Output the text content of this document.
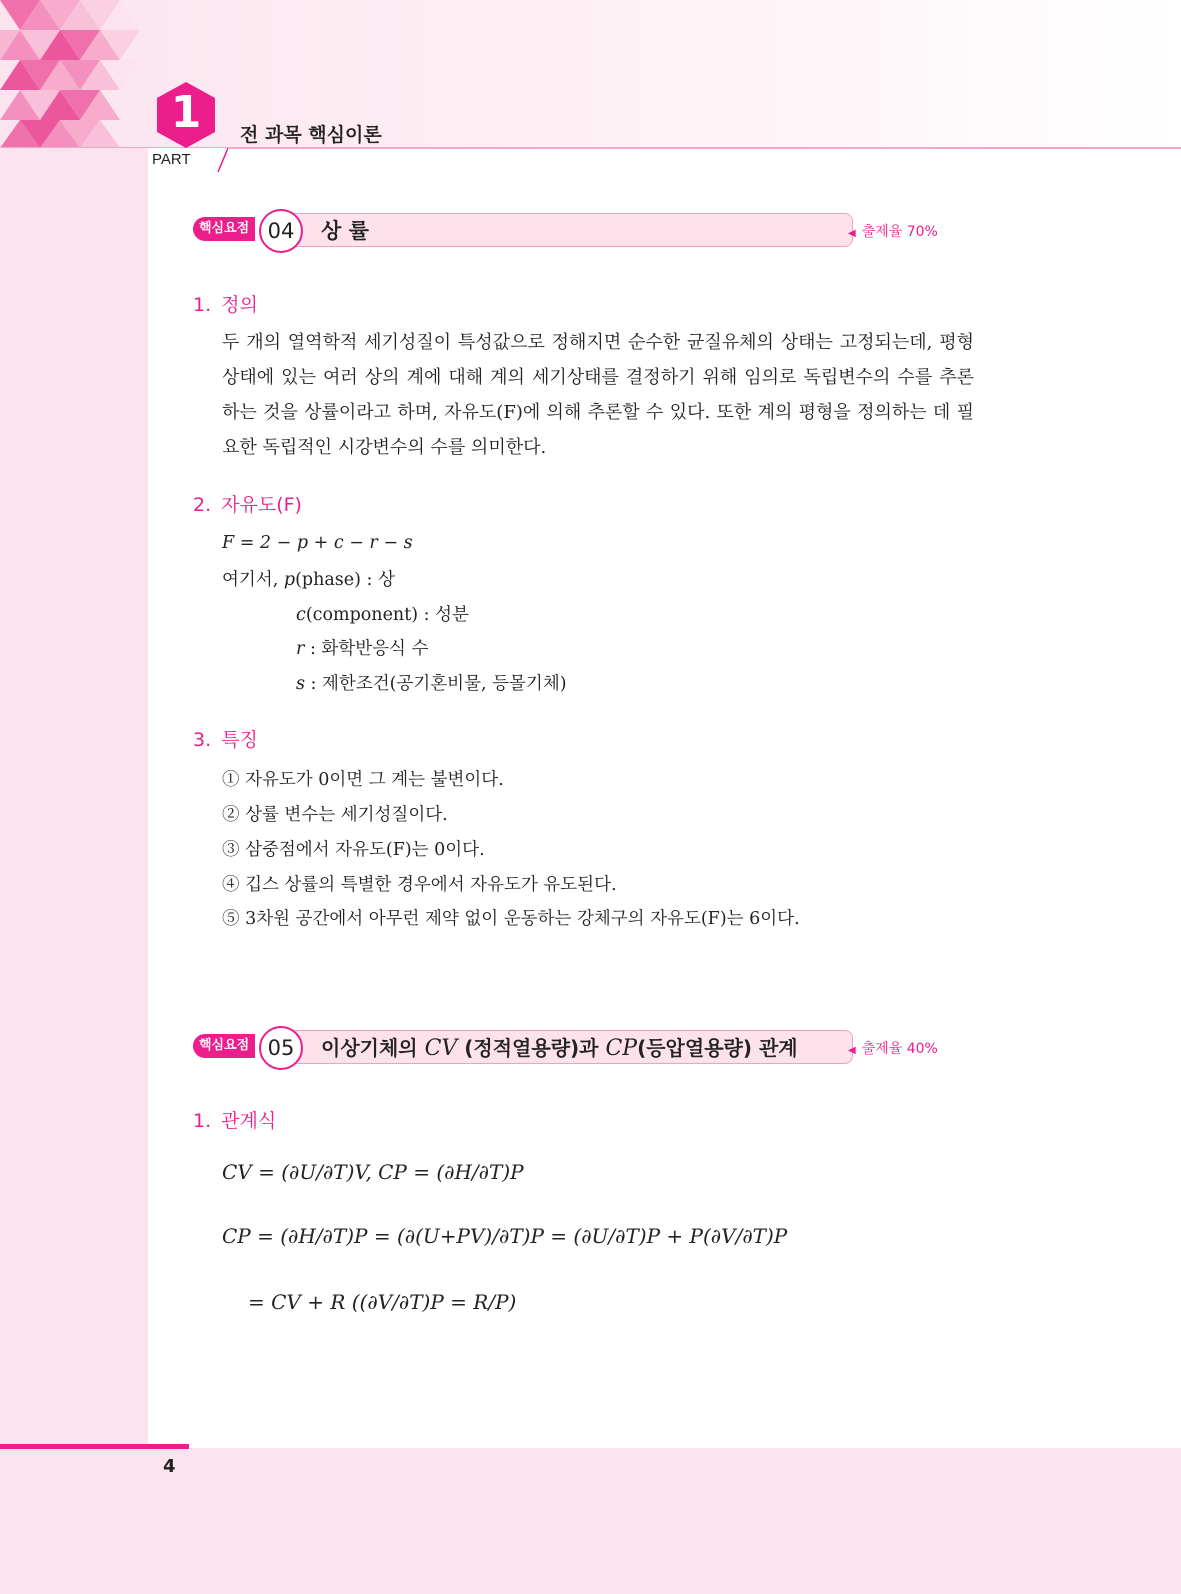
PART
1	전 과목 핵심이론
핵심요점 04	상 률	◀ 출제율 70%
1. 정의
두 개의 열역학적 세기성질이 특성값으로 정해지면 순수한 균질유체의 상태는 고정되는데, 평형상태에 있는 여러 상의 계에 대해 계의 세기상태를 결정하기 위해 임의로 독립변수의 수를 추론하는 것을 상률이라고 하며, 자유도(F)에 의해 추론할 수 있다. 또한 계의 평형을 정의하는 데 필요한 독립적인 시강변수의 수를 의미한다.
2. 자유도(F)
F = 2 − p + c − r − s
여기서, p(phase) : 상
c(component) : 성분
r : 화학반응식 수
s : 제한조건(공기혼비물, 등몰기체)
3. 특징
① 자유도가 0이면 그 계는 불변이다.
② 상률 변수는 세기성질이다.
③ 삼중점에서 자유도(F)는 0이다.
④ 깁스 상률의 특별한 경우에서 자유도가 유도된다.
⑤ 3차원 공간에서 아무런 제약 없이 운동하는 강체구의 자유도(F)는 6이다.
핵심요점 05	이상기체의 CV (정적열용량)과 CP(등압열용량) 관계	◀ 출제율 40%
1. 관계식
CV = (∂U/∂T)V, CP = (∂H/∂T)P
CP = (∂H/∂T)P = (∂(U+PV)/∂T)P = (∂U/∂T)P + P(∂V/∂T)P
= CV + R ((∂V/∂T)P = R/P)
4
